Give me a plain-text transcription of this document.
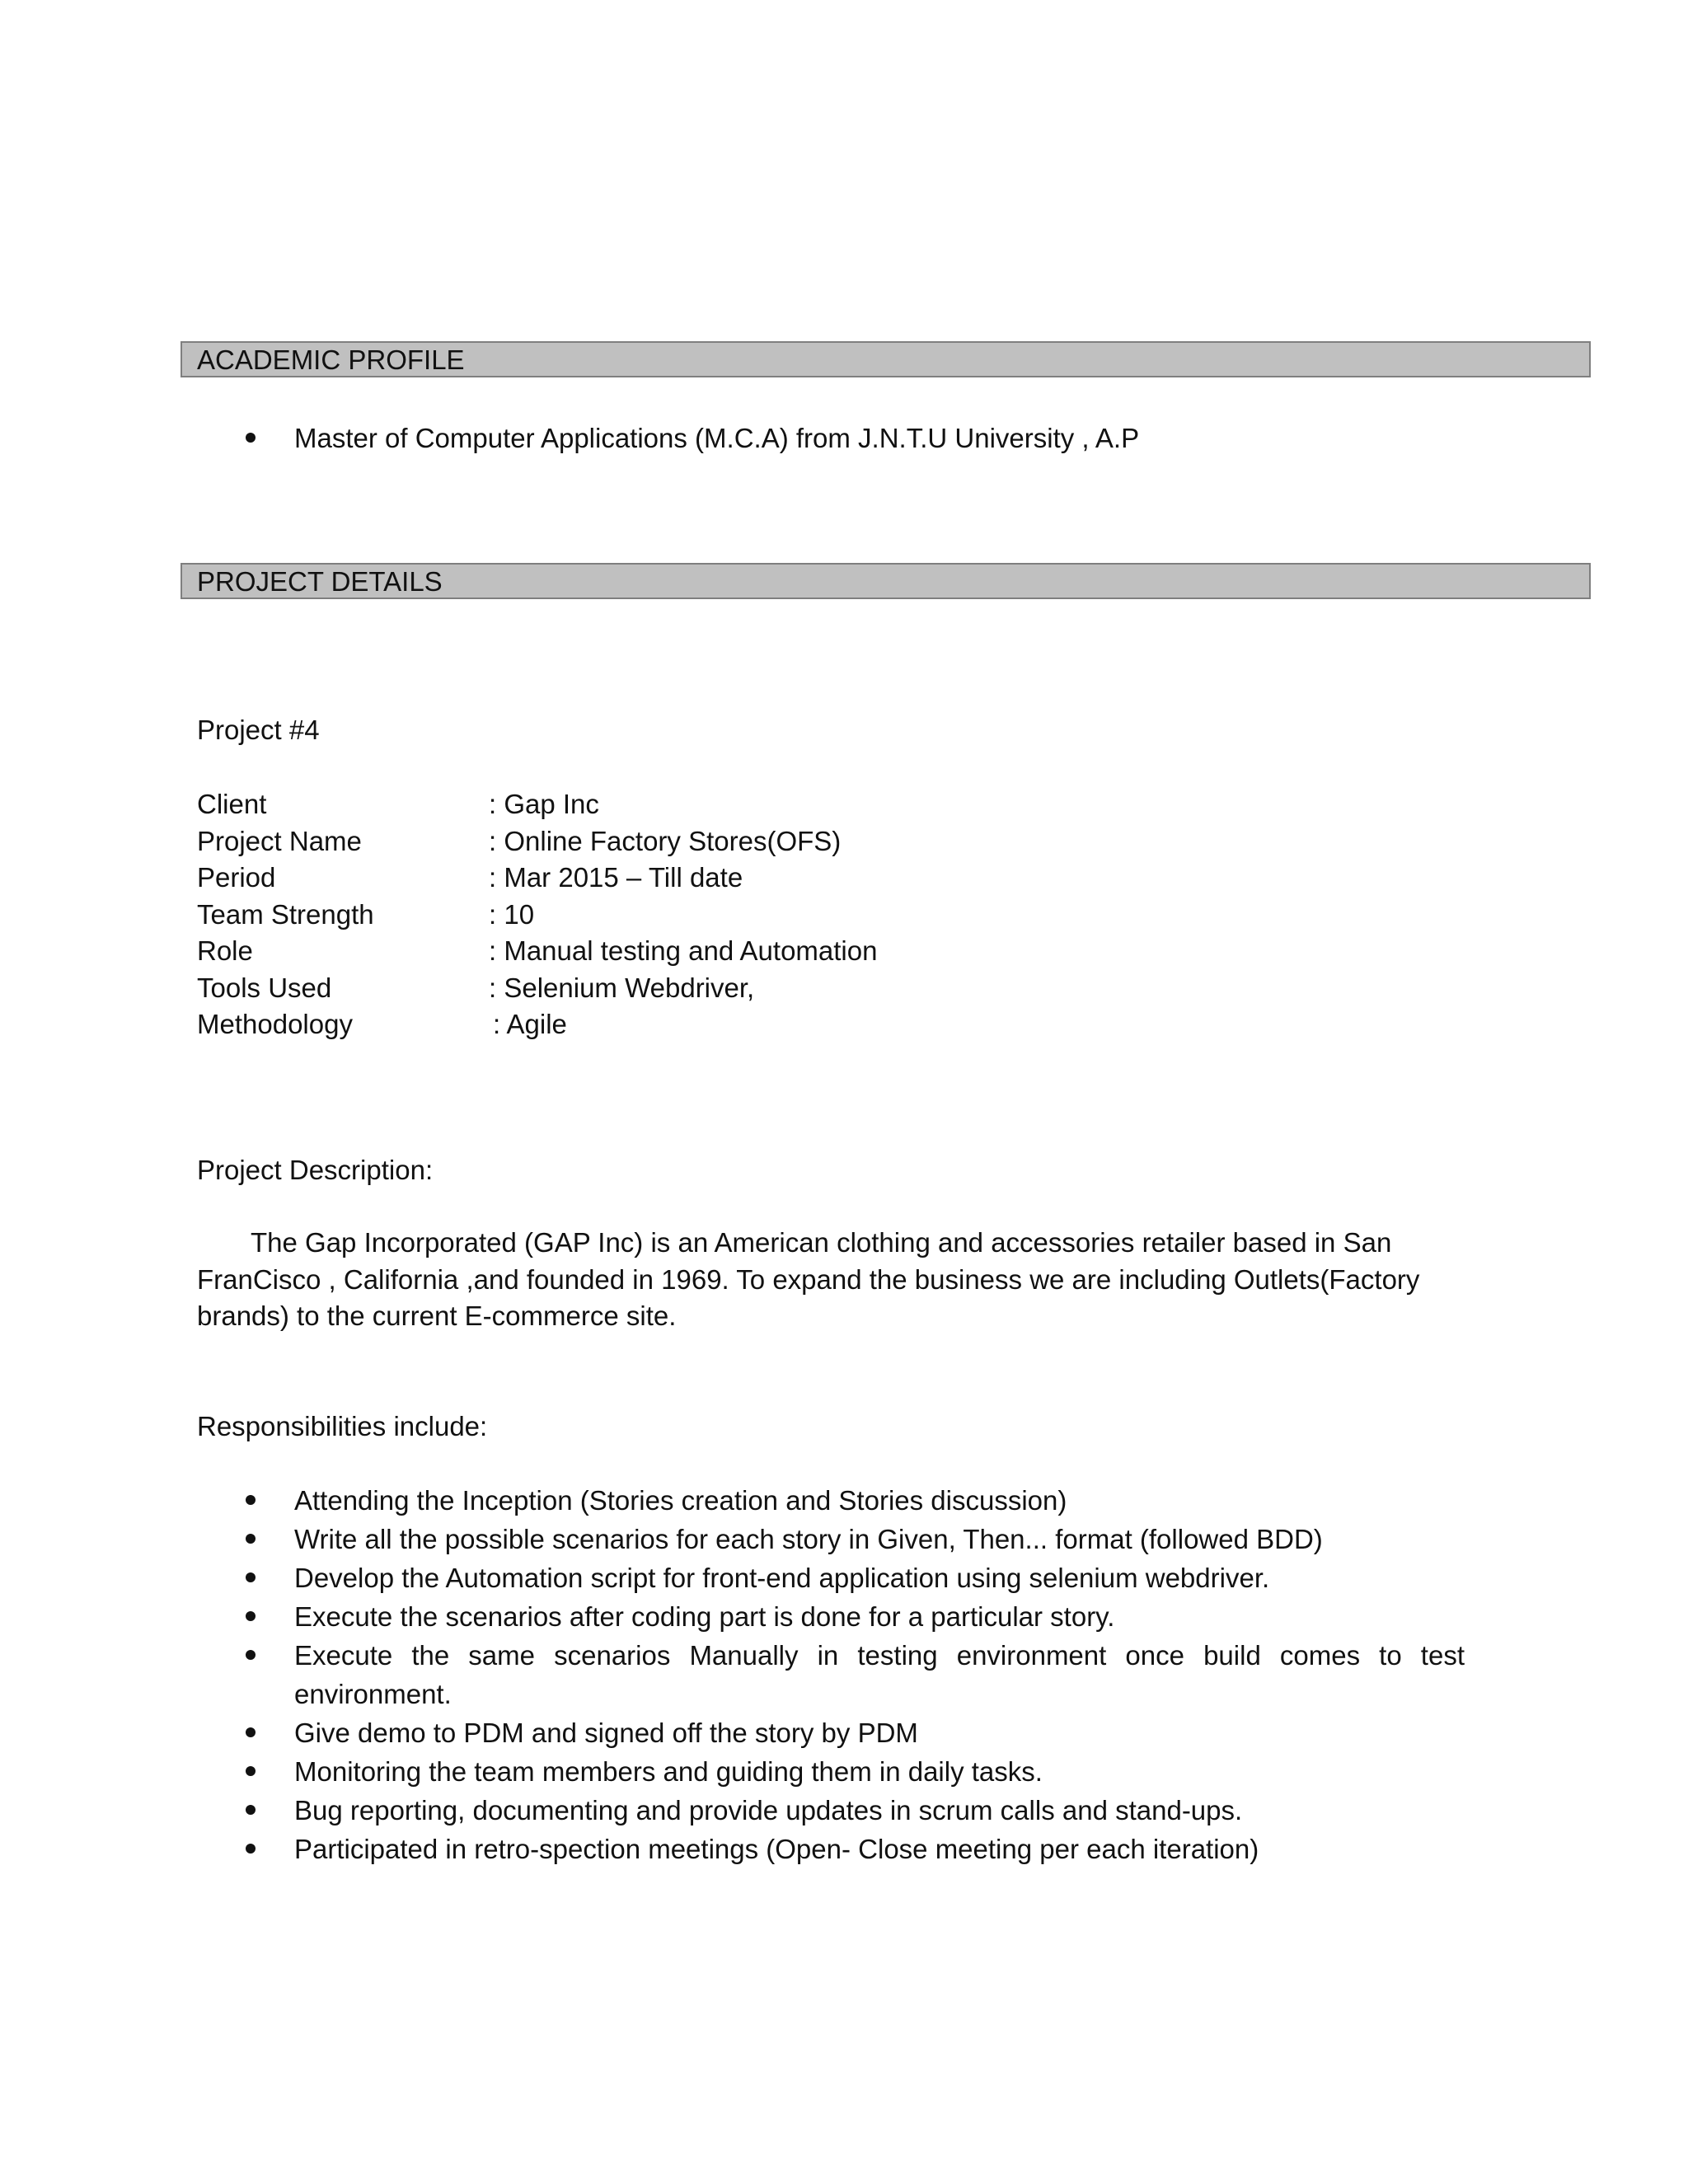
ACADEMIC PROFILE
Master of Computer Applications (M.C.A) from J.N.T.U University , A.P
PROJECT DETAILS
Project #4
Client	: Gap Inc
Project Name	: Online Factory Stores(OFS)
Period	: Mar 2015 – Till date
Team Strength	: 10
Role	: Manual testing and Automation
Tools Used	: Selenium Webdriver,
Methodology	: Agile
Project Description:
The Gap Incorporated (GAP Inc) is an American clothing and accessories retailer based in San
FranCisco , California ,and founded in 1969. To expand the business we are including Outlets(Factory
brands) to the current E-commerce site.
Responsibilities include:
Attending the Inception (Stories creation and Stories discussion)
Write all the possible scenarios for each story in Given, Then... format (followed BDD)
Develop the Automation script for front-end application using selenium webdriver.
Execute the scenarios after coding part is done for a particular story.
Execute the same scenarios Manually in testing environment once build comes to test environment.
Give demo to PDM and signed off the story by PDM
Monitoring the team members and guiding them in daily tasks.
Bug reporting, documenting and provide updates in scrum calls and stand-ups.
Participated in retro-spection meetings (Open- Close meeting per each iteration)
